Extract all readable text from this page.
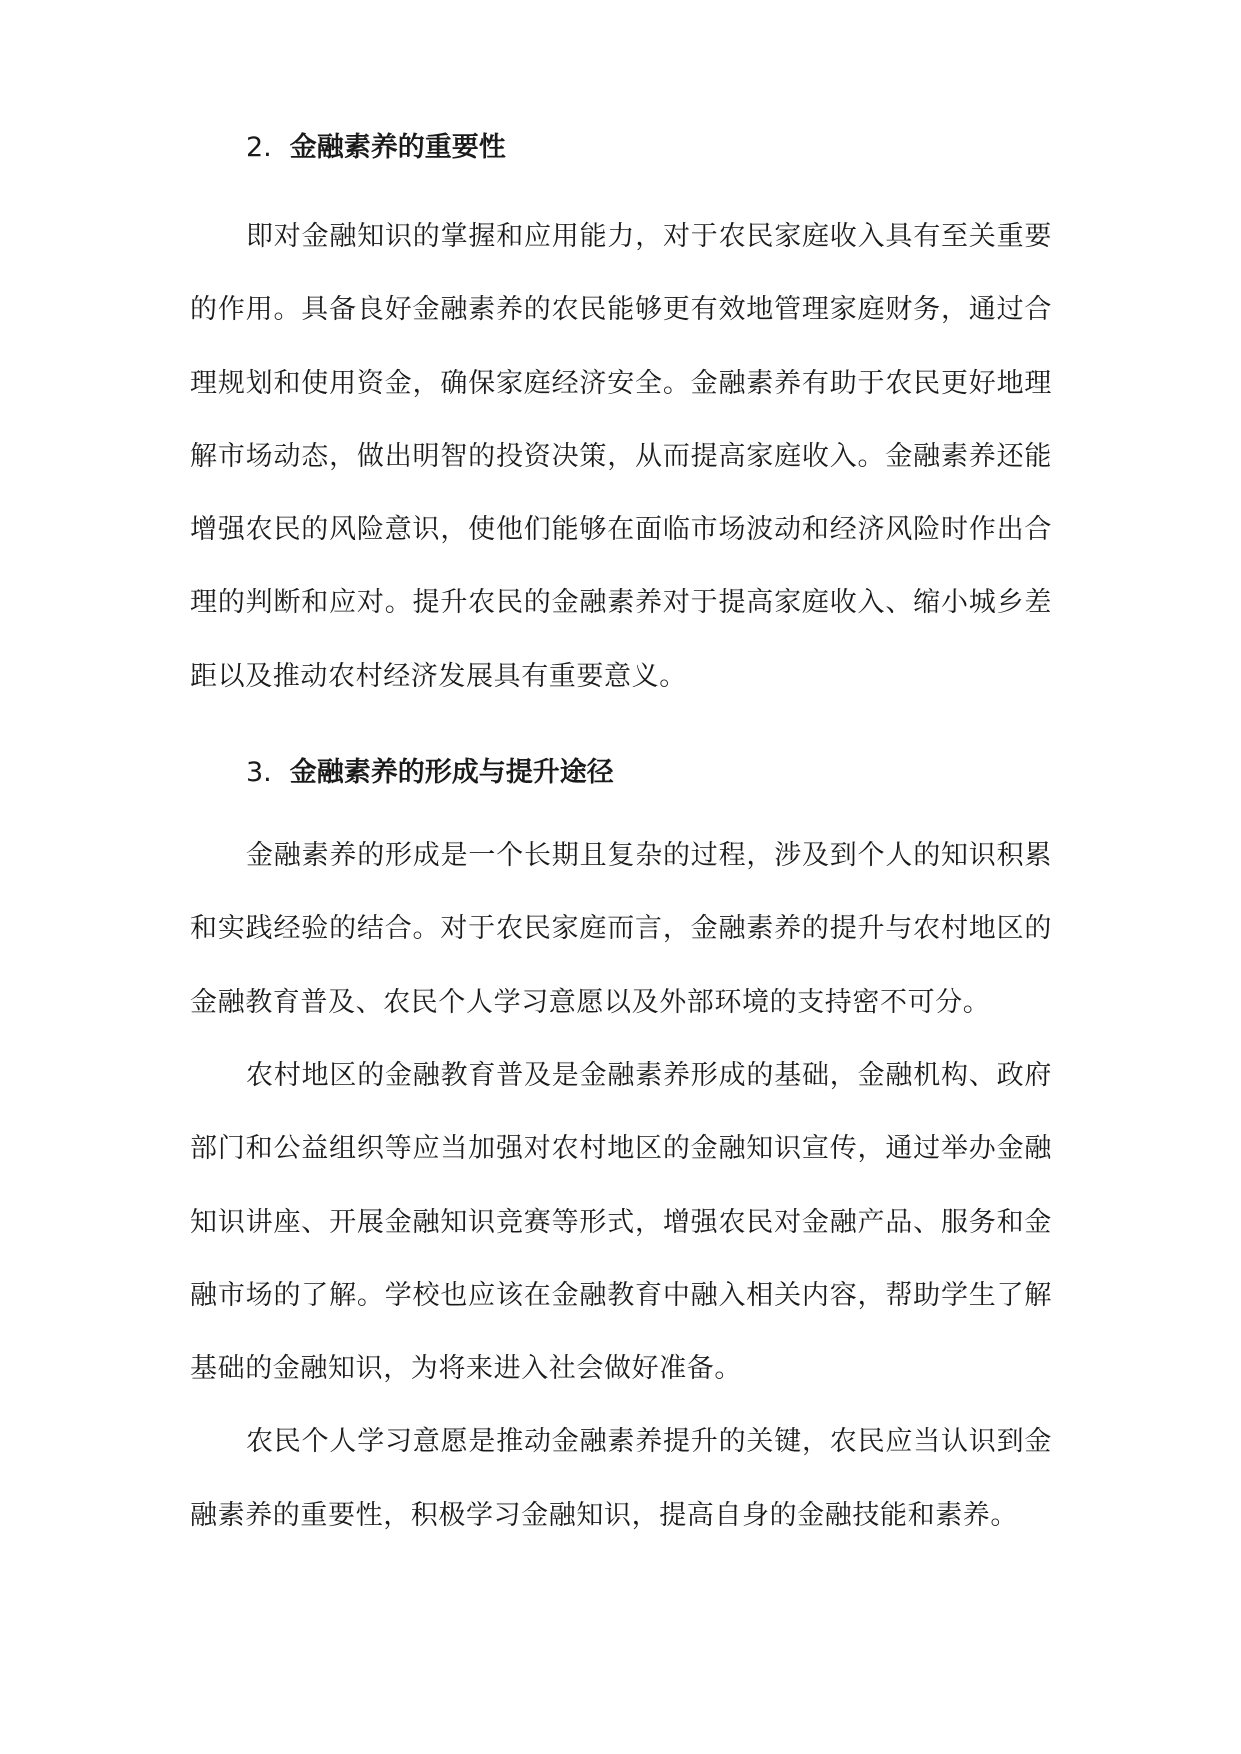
2. 金融素养的重要性

即对金融知识的掌握和应用能力，对于农民家庭收入具有至关重要的作用。具备良好金融素养的农民能够更有效地管理家庭财务，通过合理规划和使用资金，确保家庭经济安全。金融素养有助于农民更好地理解市场动态，做出明智的投资决策，从而提高家庭收入。金融素养还能增强农民的风险意识，使他们能够在面临市场波动和经济风险时作出合理的判断和应对。提升农民的金融素养对于提高家庭收入、缩小城乡差距以及推动农村经济发展具有重要意义。

3. 金融素养的形成与提升途径

金融素养的形成是一个长期且复杂的过程，涉及到个人的知识积累和实践经验的结合。对于农民家庭而言，金融素养的提升与农村地区的金融教育普及、农民个人学习意愿以及外部环境的支持密不可分。

农村地区的金融教育普及是金融素养形成的基础，金融机构、政府部门和公益组织等应当加强对农村地区的金融知识宣传，通过举办金融知识讲座、开展金融知识竞赛等形式，增强农民对金融产品、服务和金融市场的了解。学校也应该在金融教育中融入相关内容，帮助学生了解基础的金融知识，为将来进入社会做好准备。

农民个人学习意愿是推动金融素养提升的关键，农民应当认识到金融素养的重要性，积极学习金融知识，提高自身的金融技能和素养。
